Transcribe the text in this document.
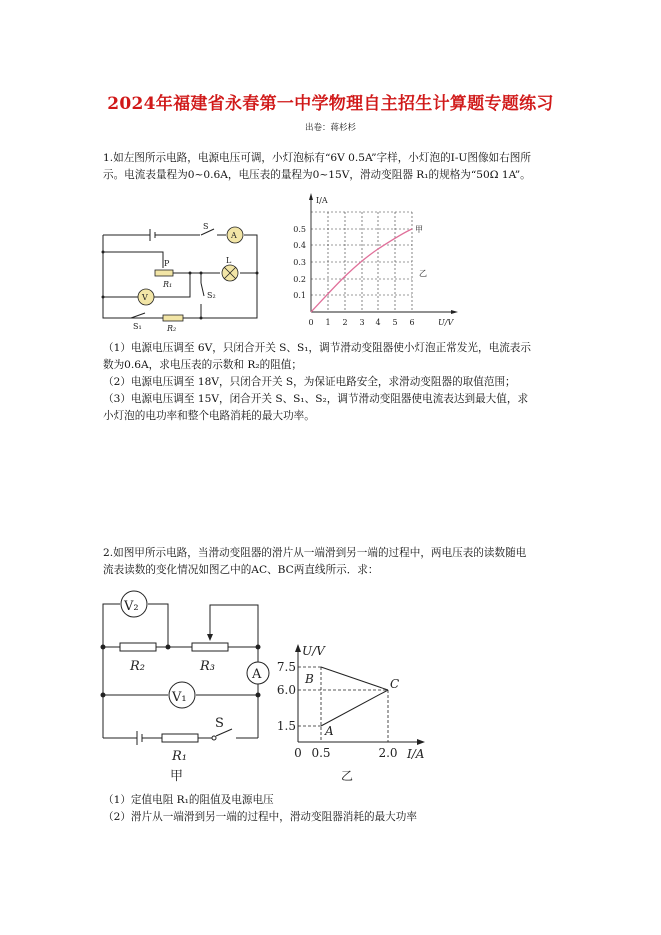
2024年福建省永春第一中学物理自主招生计算题专题练习
出卷：蒋杉杉
1.如左图所示电路，电源电压可调，小灯泡标有“6V 0.5A”字样，小灯泡的I-U图像如右图所
示。电流表量程为0~0.6A，电压表的量程为0~15V，滑动变阻器 R₁的规格为“50Ω 1A”。
S
A
P	L
R₁
V	S₂
S₁	R₂
I/A
U/V
0.1
0.2
0.3
0.4
0.5
0 1 2 3 4 5 6
甲
乙
（1）电源电压调至 6V，只闭合开关 S、S₁，调节滑动变阻器使小灯泡正常发光，电流表示
数为0.6A，求电压表的示数和 R₂的阻值；
（2）电源电压调至 18V，只闭合开关 S，为保证电路安全，求滑动变阻器的取值范围；
（3）电源电压调至 15V，闭合开关 S、S₁、S₂，调节滑动变阻器使电流表达到最大值，求
小灯泡的电功率和整个电路消耗的最大功率。
2.如图甲所示电路，当滑动变阻器的滑片从一端滑到另一端的过程中，两电压表的读数随电
流表读数的变化情况如图乙中的AC、BC两直线所示．求：
V₂
R₂	R₃
A
V₁
S
R₁
甲
U/V
I/A
7.5
6.0
1.5
0 0.5	2.0
B	C
A
乙
（1）定值电阻 R₁的阻值及电源电压
（2）滑片从一端滑到另一端的过程中，滑动变阻器消耗的最大功率
